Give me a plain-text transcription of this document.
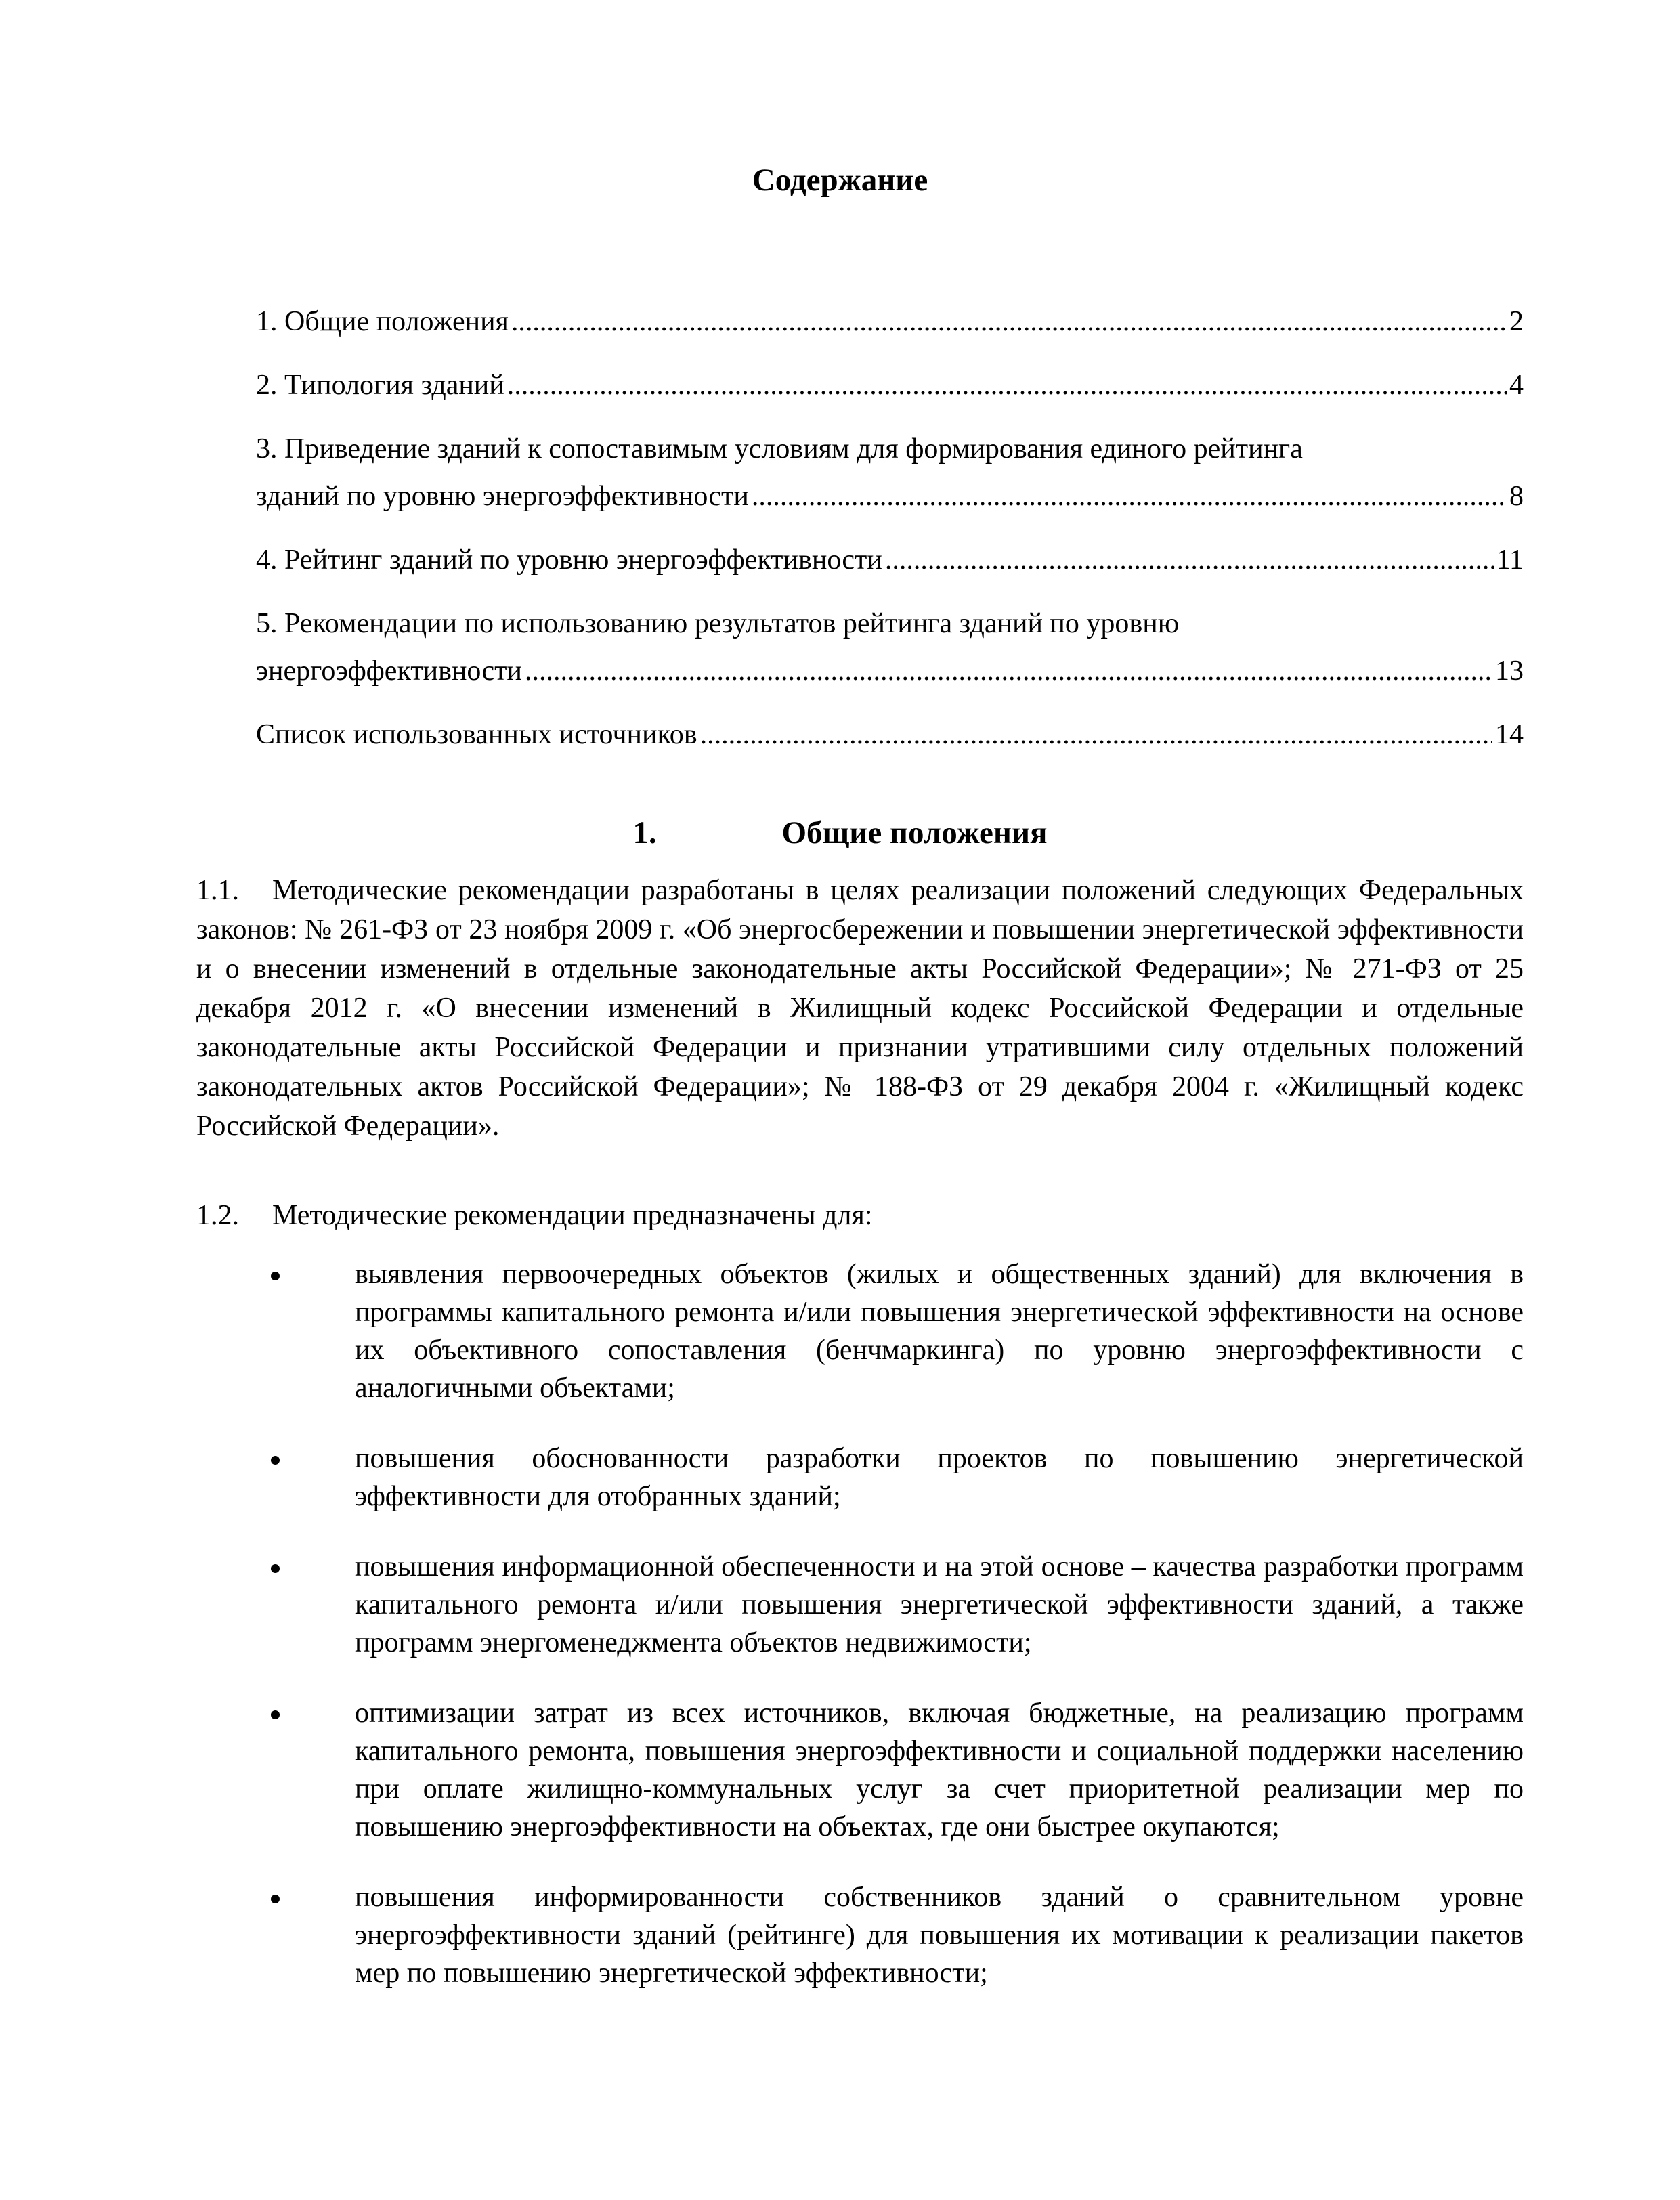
Содержание
1. Общие положения .....	2
2. Типология зданий .....	4
3. Приведение зданий к сопоставимым условиям для формирования единого рейтинга
зданий по уровню энергоэффективности .....	8
4. Рейтинг зданий по уровню энергоэффективности .....	11
5. Рекомендации по использованию результатов рейтинга зданий по уровню
энергоэффективности .....	13
Список использованных источников .....	14
1.	Общие положения
1.1. Методические рекомендации разработаны в целях реализации положений следующих Федеральных законов: № 261-ФЗ от 23 ноября 2009 г. «Об энергосбережении и повышении энергетической эффективности и о внесении изменений в отдельные законодательные акты Российской Федерации»; № 271-ФЗ от 25 декабря 2012 г. «О внесении изменений в Жилищный кодекс Российской Федерации и отдельные законодательные акты Российской Федерации и признании утратившими силу отдельных положений законодательных актов Российской Федерации»; № 188-ФЗ от 29 декабря 2004 г. «Жилищный кодекс Российской Федерации».
1.2. Методические рекомендации предназначены для:
выявления первоочередных объектов (жилых и общественных зданий) для включения в программы капитального ремонта и/или повышения энергетической эффективности на основе их объективного сопоставления (бенчмаркинга) по уровню энергоэффективности с аналогичными объектами;
повышения обоснованности разработки проектов по повышению энергетической эффективности для отобранных зданий;
повышения информационной обеспеченности и на этой основе – качества разработки программ капитального ремонта и/или повышения энергетической эффективности зданий, а также программ энергоменеджмента объектов недвижимости;
оптимизации затрат из всех источников, включая бюджетные, на реализацию программ капитального ремонта, повышения энергоэффективности и социальной поддержки населению при оплате жилищно-коммунальных услуг за счет приоритетной реализации мер по повышению энергоэффективности на объектах, где они быстрее окупаются;
повышения информированности собственников зданий о сравнительном уровне энергоэффективности зданий (рейтинге) для повышения их мотивации к реализации пакетов мер по повышению энергетической эффективности;
